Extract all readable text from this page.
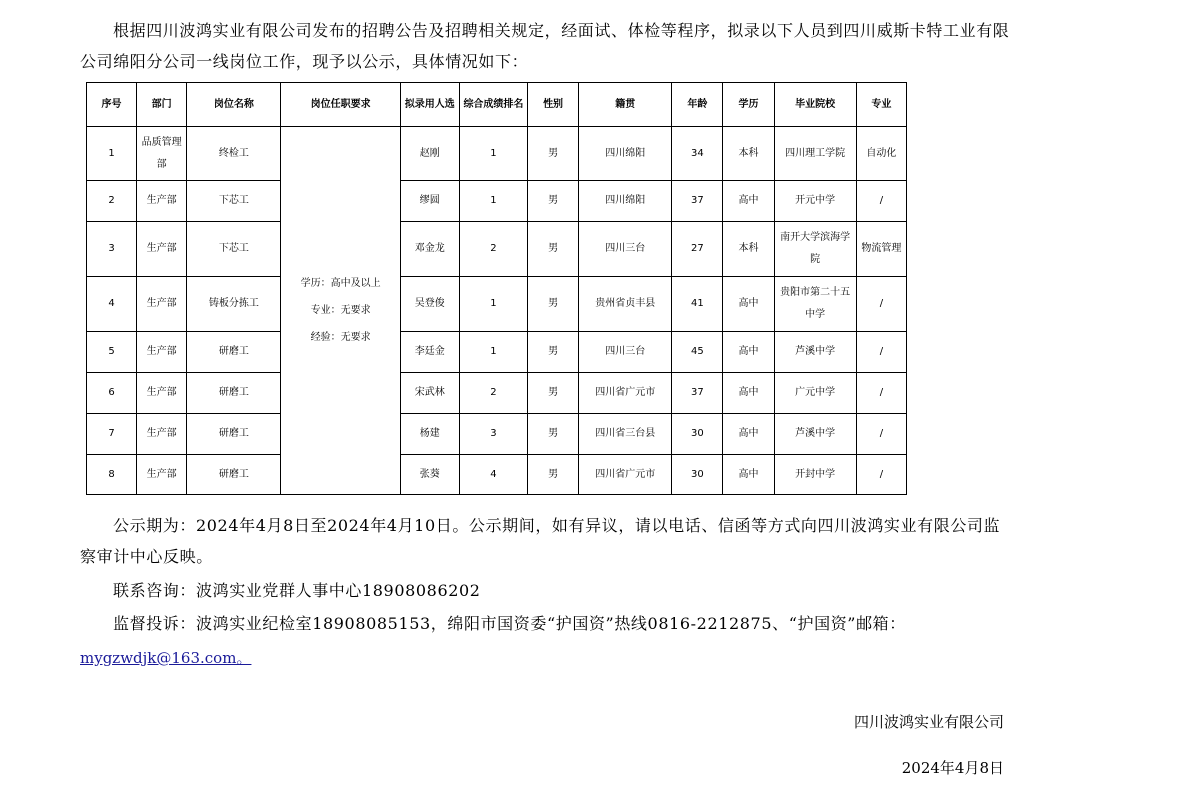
根据四川波鸿实业有限公司发布的招聘公告及招聘相关规定，经面试、体检等程序，拟录以下人员到四川威斯卡特工业有限公司绵阳分公司一线岗位工作，现予以公示，具体情况如下：

序号	部门	岗位名称	岗位任职要求	拟录用人选	综合成绩排名	性别	籍贯	年龄	学历	毕业院校	专业
1	品质管理部	终检工	学历：高中及以上
专业：无要求
经验：无要求	赵刚	1	男	四川绵阳	34	本科	四川理工学院	自动化
2	生产部	下芯工		缪圆	1	男	四川绵阳	37	高中	开元中学	/
3	生产部	下芯工		邓金龙	2	男	四川三台	27	本科	南开大学滨海学院	物流管理
4	生产部	铸板分拣工		吴登俊	1	男	贵州省贞丰县	41	高中	贵阳市第二十五中学	/
5	生产部	研磨工		李廷金	1	男	四川三台	45	高中	芦溪中学	/
6	生产部	研磨工		宋武林	2	男	四川省广元市	37	高中	广元中学	/
7	生产部	研磨工		杨建	3	男	四川省三台县	30	高中	芦溪中学	/
8	生产部	研磨工		张葵	4	男	四川省广元市	30	高中	开封中学	/

公示期为：2024年4月8日至2024年4月10日。公示期间，如有异议，请以电话、信函等方式向四川波鸿实业有限公司监察审计中心反映。

联系咨询：波鸿实业党群人事中心18908086202

监督投诉：波鸿实业纪检室18908085153，绵阳市国资委“护国资”热线0816-2212875、“护国资”邮箱：

mygzwdjk@163.com。
四川波鸿实业有限公司
2024年4月8日
